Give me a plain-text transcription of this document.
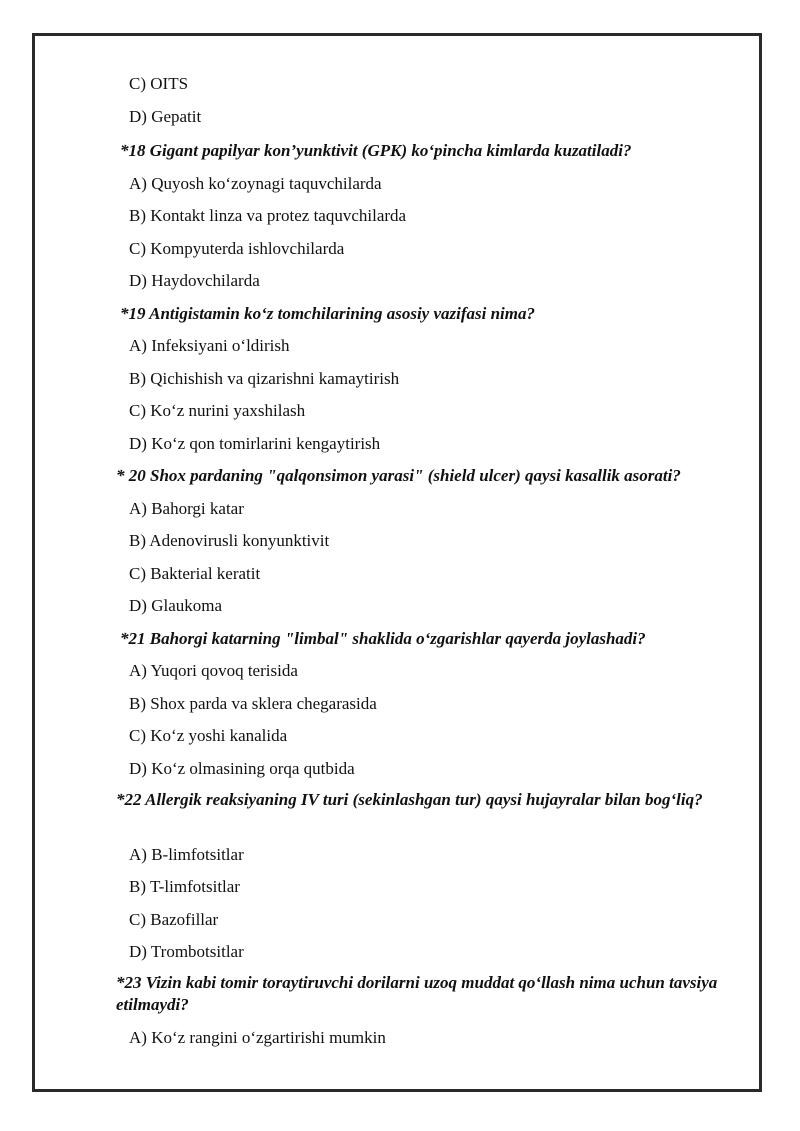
C) OITS
D) Gepatit
*18 Gigant papilyar kon’yunktivit (GPK) ko‘pincha kimlarda kuzatiladi?
A) Quyosh ko‘zoynagi taquvchilarda
B) Kontakt linza va protez taquvchilarda
C) Kompyuterda ishlovchilarda
D) Haydovchilarda
*19 Antigistamin ko‘z tomchilarining asosiy vazifasi nima?
A) Infeksiyani o‘ldirish
B) Qichishish va qizarishni kamaytirish
C) Ko‘z nurini yaxshilash
D) Ko‘z qon tomirlarini kengaytirish
* 20 Shox pardaning "qalqonsimon yarasi" (shield ulcer) qaysi kasallik asorati?
A) Bahorgi katar
B) Adenovirusli konyunktivit
C) Bakterial keratit
D) Glaukoma
*21 Bahorgi katarning "limbal" shaklida o‘zgarishlar qayerda joylashadi?
A) Yuqori qovoq terisida
B) Shox parda va sklera chegarasida
C) Ko‘z yoshi kanalida
D) Ko‘z olmasining orqa qutbida
*22 Allergik reaksiyaning IV turi (sekinlashgan tur) qaysi hujayralar bilan bog‘liq?
A) B-limfotsitlar
B) T-limfotsitlar
C) Bazofillar
D) Trombotsitlar
*23 Vizin kabi tomir toraytiruvchi dorilarni uzoq muddat qo‘llash nima uchun tavsiya etilmaydi?
A) Ko‘z rangini o‘zgartirishi mumkin
